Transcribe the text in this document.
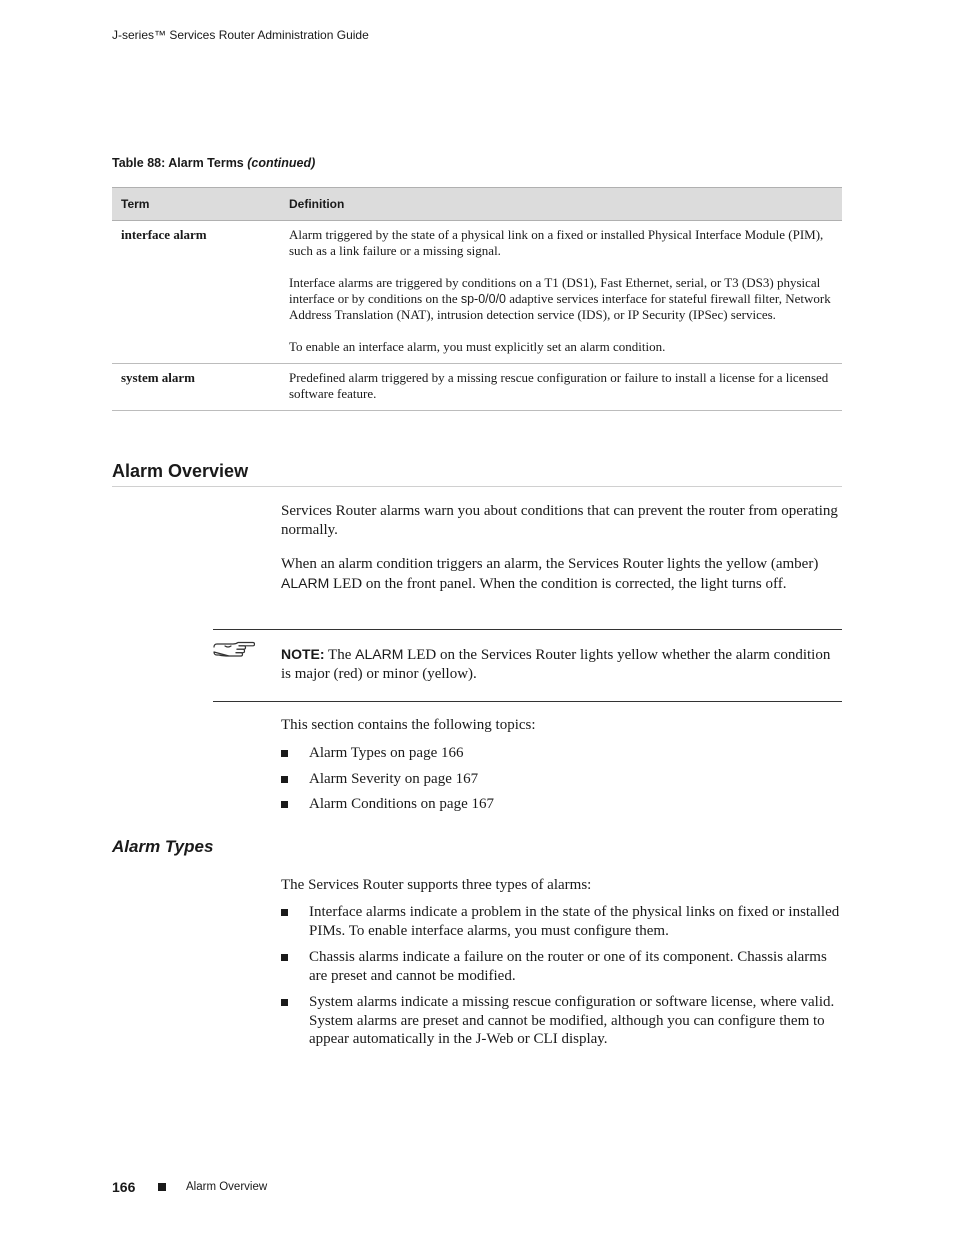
J-series™ Services Router Administration Guide
Table 88: Alarm Terms (continued)
Term	Definition
interface alarm	Alarm triggered by the state of a physical link on a fixed or installed Physical Interface Module (PIM), such as a link failure or a missing signal.

Interface alarms are triggered by conditions on a T1 (DS1), Fast Ethernet, serial, or T3 (DS3) physical interface or by conditions on the sp-0/0/0 adaptive services interface for stateful firewall filter, Network Address Translation (NAT), intrusion detection service (IDS), or IP Security (IPSec) services.

To enable an interface alarm, you must explicitly set an alarm condition.

system alarm	Predefined alarm triggered by a missing rescue configuration or failure to install a license for a licensed software feature.

Alarm Overview

Services Router alarms warn you about conditions that can prevent the router from operating normally.

When an alarm condition triggers an alarm, the Services Router lights the yellow (amber) ALARM LED on the front panel. When the condition is corrected, the light turns off.

NOTE: The ALARM LED on the Services Router lights yellow whether the alarm condition is major (red) or minor (yellow).

This section contains the following topics:

Alarm Types on page 166
Alarm Severity on page 167
Alarm Conditions on page 167
Alarm Types

The Services Router supports three types of alarms:

Interface alarms indicate a problem in the state of the physical links on fixed or installed PIMs. To enable interface alarms, you must configure them.
Chassis alarms indicate a failure on the router or one of its component. Chassis alarms are preset and cannot be modified.
System alarms indicate a missing rescue configuration or software license, where valid. System alarms are preset and cannot be modified, although you can configure them to appear automatically in the J-Web or CLI display.
166	Alarm Overview
